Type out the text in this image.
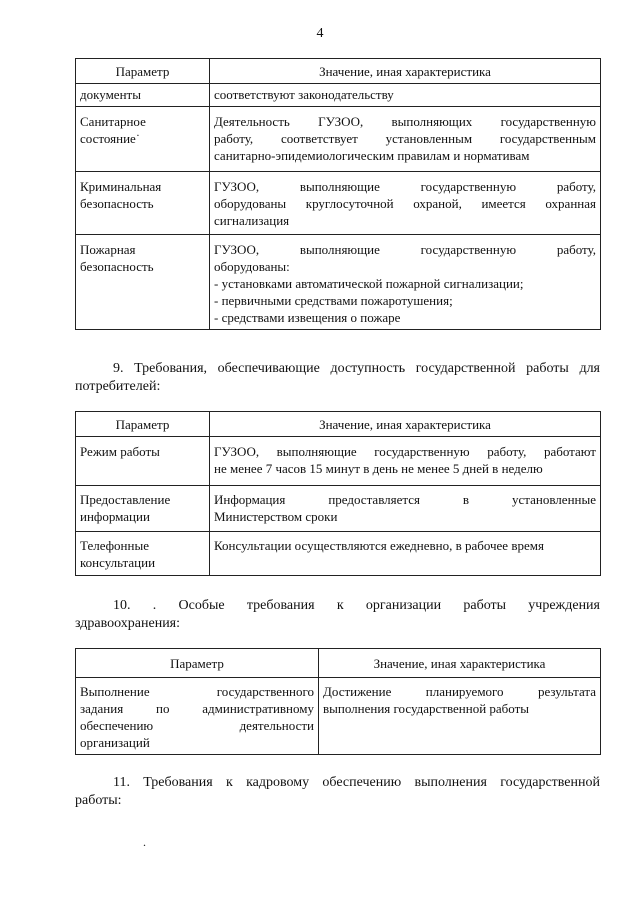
4
Параметр	Значение, иная характеристика

документы	соответствуют законодательству

Санитарное
состояние˙	Деятельность ГУЗОО, выполняющих государственную
работу, соответствует установленным государственным
санитарно-эпидемиологическим правилам и нормативам

Криминальная
безопасность	ГУЗОО, выполняющие государственную работу,
оборудованы круглосуточной охраной, имеется охранная
сигнализация

Пожарная
безопасность	ГУЗОО, выполняющие государственную работу,
оборудованы:
- установками автоматической пожарной сигнализации;
- первичными средствами пожаротушения;
- средствами извещения о пожаре
9. Требования, обеспечивающие доступность государственной работы для
потребителей:
Параметр	Значение, иная характеристика

Режим работы	ГУЗОО, выполняющие государственную работу, работают
не менее 7 часов 15 минут в день не менее 5 дней в неделю

Предоставление
информации	Информация предоставляется в установленные
Министерством сроки

Телефонные
консультации	Консультации осуществляются ежедневно, в рабочее время
10. . Особые требования к организации работы учреждения
здравоохранения:
Параметр	Значение, иная характеристика

Выполнение государственного
задания по административному
обеспечению деятельности
организаций	Достижение планируемого результата
выполнения государственной работы
11. Требования к кадровому обеспечению выполнения государственной
работы:
.
